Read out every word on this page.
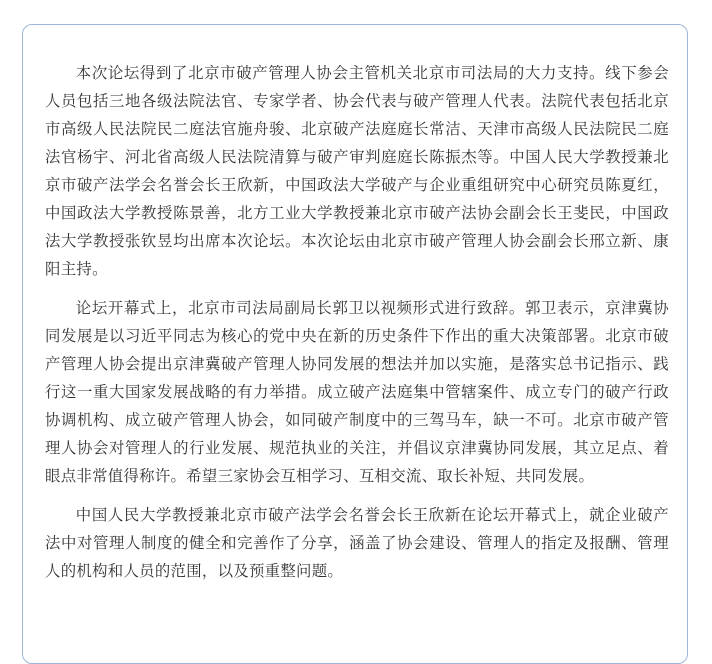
本次论坛得到了北京市破产管理人协会主管机关北京市司法局的大力支持。线下参会人员包括三地各级法院法官、专家学者、协会代表与破产管理人代表。法院代表包括北京市高级人民法院民二庭法官施舟骏、北京破产法庭庭长常洁、天津市高级人民法院民二庭法官杨宇、河北省高级人民法院清算与破产审判庭庭长陈振杰等。中国人民大学教授兼北京市破产法学会名誉会长王欣新，中国政法大学破产与企业重组研究中心研究员陈夏红，中国政法大学教授陈景善，北方工业大学教授兼北京市破产法协会副会长王斐民，中国政法大学教授张钦昱均出席本次论坛。本次论坛由北京市破产管理人协会副会长邢立新、康阳主持。

论坛开幕式上，北京市司法局副局长郭卫以视频形式进行致辞。郭卫表示，京津冀协同发展是以习近平同志为核心的党中央在新的历史条件下作出的重大决策部署。北京市破产管理人协会提出京津冀破产管理人协同发展的想法并加以实施，是落实总书记指示、践行这一重大国家发展战略的有力举措。成立破产法庭集中管辖案件、成立专门的破产行政协调机构、成立破产管理人协会，如同破产制度中的三驾马车，缺一不可。北京市破产管理人协会对管理人的行业发展、规范执业的关注，并倡议京津冀协同发展，其立足点、着眼点非常值得称许。希望三家协会互相学习、互相交流、取长补短、共同发展。

中国人民大学教授兼北京市破产法学会名誉会长王欣新在论坛开幕式上，就企业破产法中对管理人制度的健全和完善作了分享，涵盖了协会建设、管理人的指定及报酬、管理人的机构和人员的范围，以及预重整问题。
